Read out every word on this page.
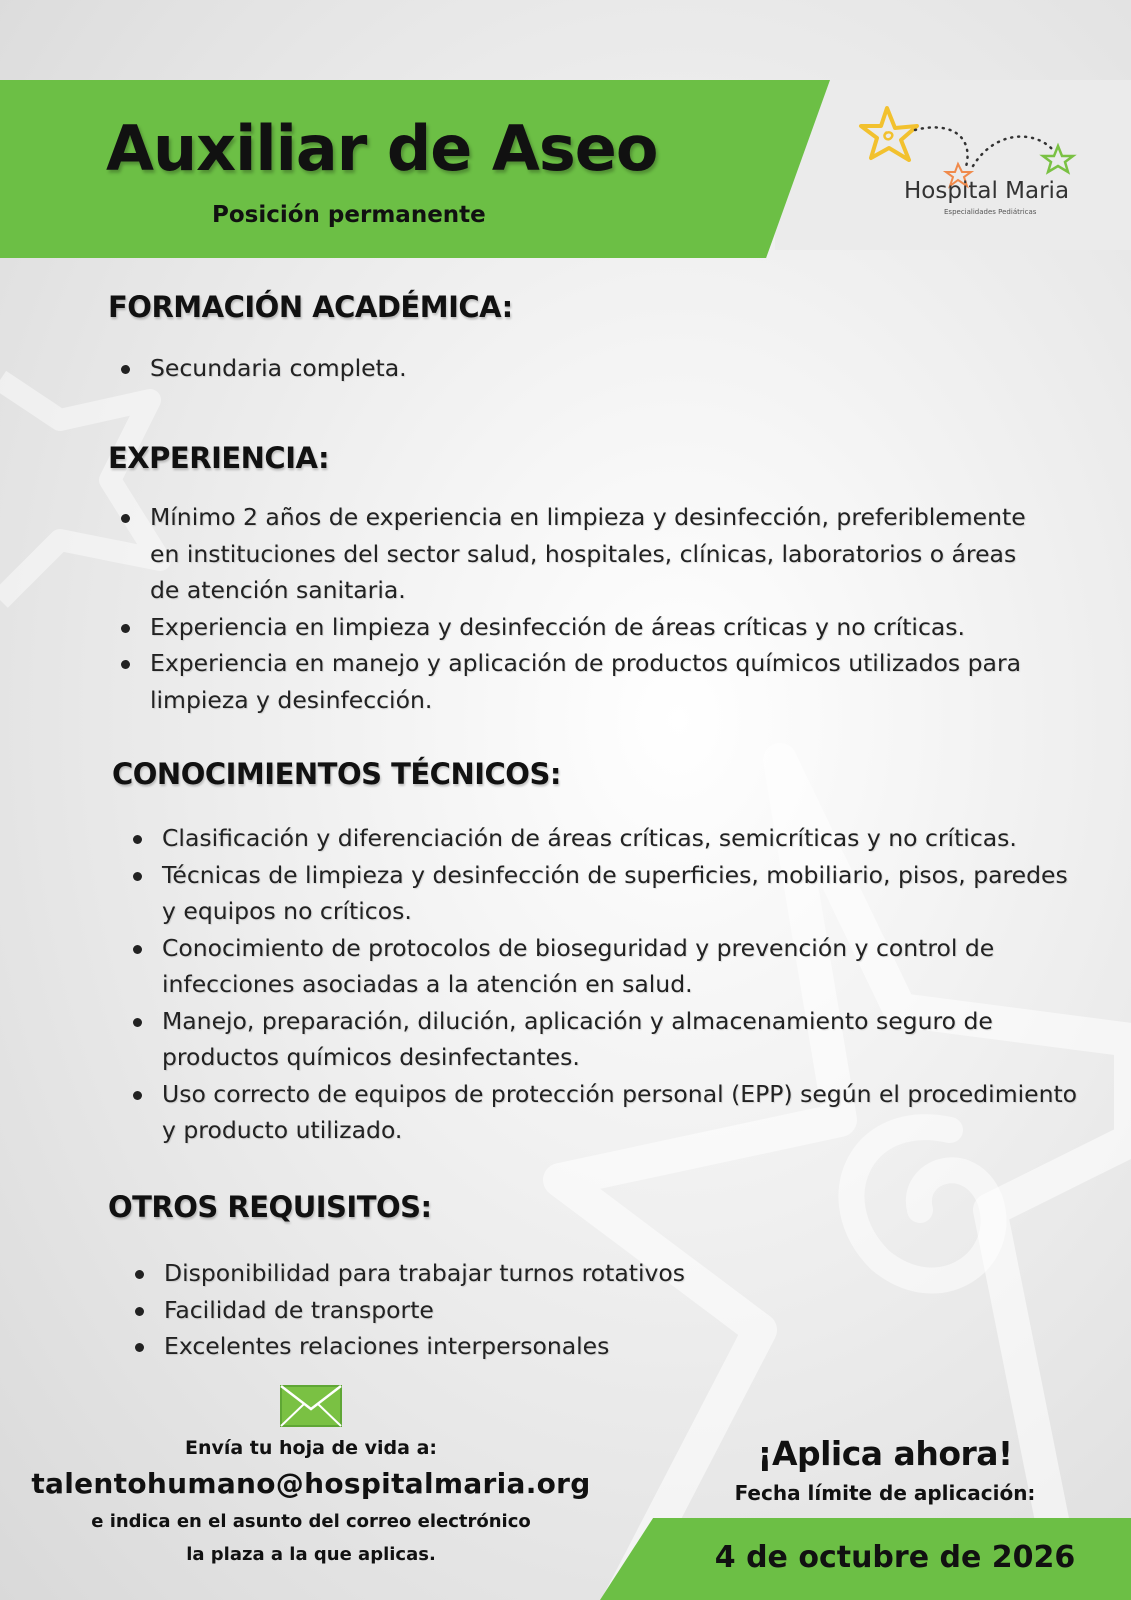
Auxiliar de Aseo

Posición permanente

Hospital Maria
Especialidades Pediátricas
FORMACIÓN ACADÉMICA:
Secundaria completa.
EXPERIENCIA:
Mínimo 2 años de experiencia en limpieza y desinfección, preferiblemente en instituciones del sector salud, hospitales, clínicas, laboratorios o áreas de atención sanitaria.
Experiencia en limpieza y desinfección de áreas críticas y no críticas.
Experiencia en manejo y aplicación de productos químicos utilizados para limpieza y desinfección.
CONOCIMIENTOS TÉCNICOS:
Clasificación y diferenciación de áreas críticas, semicríticas y no críticas.
Técnicas de limpieza y desinfección de superficies, mobiliario, pisos, paredes y equipos no críticos.
Conocimiento de protocolos de bioseguridad y prevención y control de infecciones asociadas a la atención en salud.
Manejo, preparación, dilución, aplicación y almacenamiento seguro de productos químicos desinfectantes.
Uso correcto de equipos de protección personal (EPP) según el procedimiento y producto utilizado.
OTROS REQUISITOS:
Disponibilidad para trabajar turnos rotativos
Facilidad de transporte
Excelentes relaciones interpersonales

Envía tu hoja de vida a:

talentohumano@hospitalmaria.org

e indica en el asunto del correo electrónico

la plaza a la que aplicas.

¡Aplica ahora!

Fecha límite de aplicación:

4 de octubre de 2026
